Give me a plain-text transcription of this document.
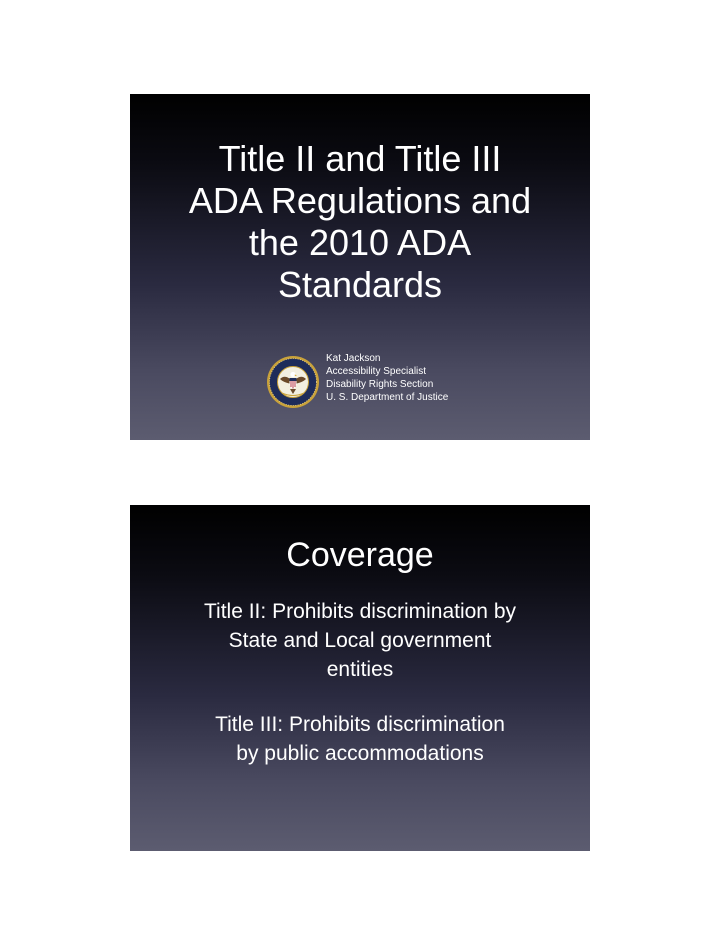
Title II and Title III
ADA Regulations and
the 2010 ADA
Standards
Kat Jackson
Accessibility Specialist
Disability Rights Section
U. S. Department of Justice
Coverage
Title II: Prohibits discrimination by
State and Local government
entities
Title III: Prohibits discrimination
by public accommodations
